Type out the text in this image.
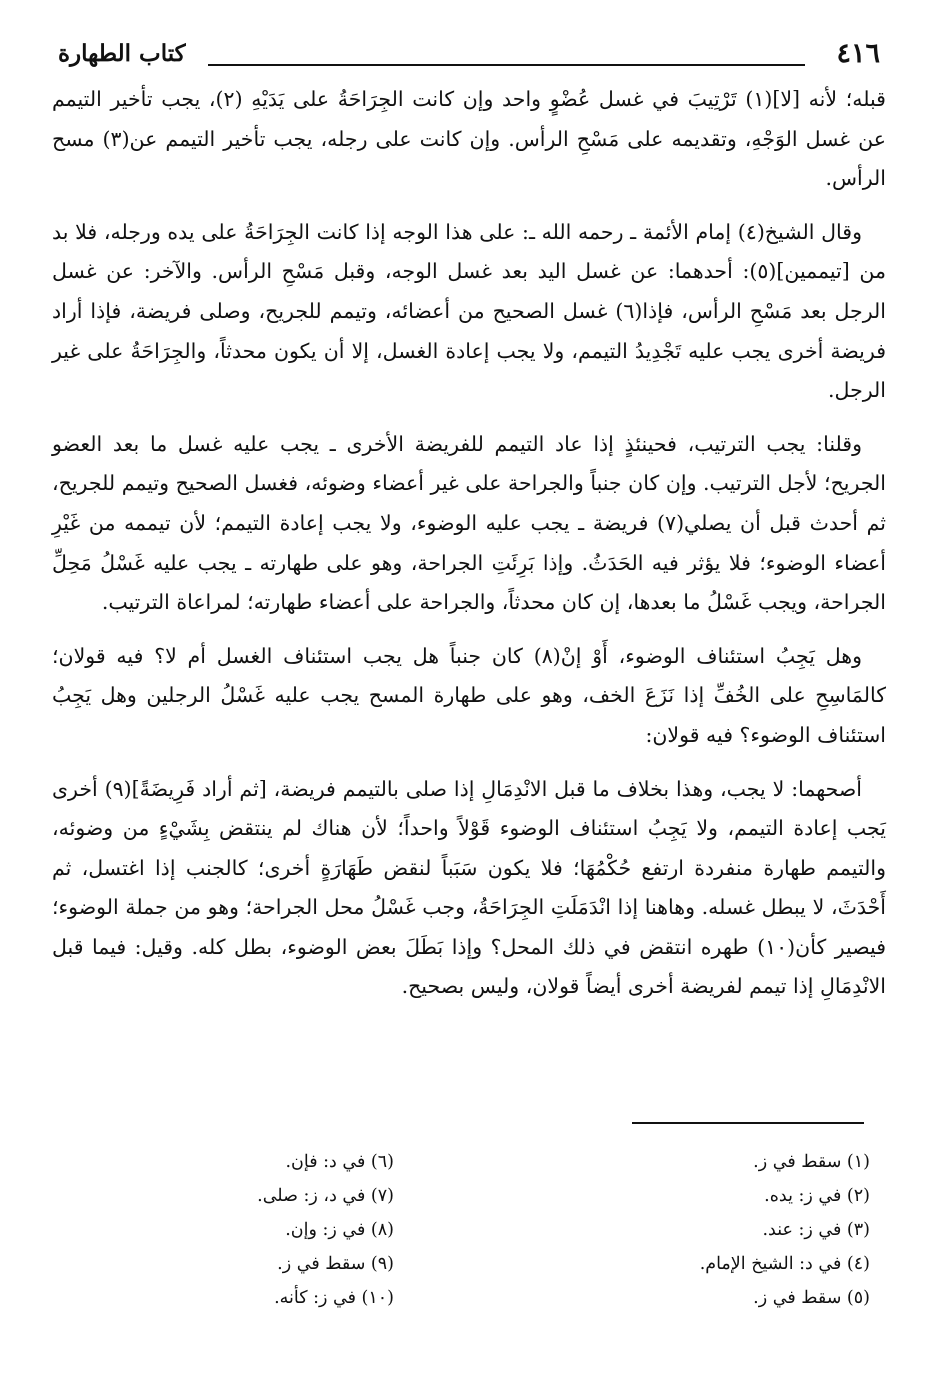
٤١٦
كتاب الطهارة

قبله؛ لأنه [لا](١) تَرْتِيبَ في غسل عُضْوٍ واحد وإن كانت الجِرَاحَةُ على يَدَيْهِ (٢)، يجب تأخير التيمم عن غسل الوَجْهِ، وتقديمه على مَسْحِ الرأس. وإن كانت على رجله، يجب تأخير التيمم عن(٣) مسح الرأس.

وقال الشيخ(٤) إمام الأئمة ـ رحمه الله ـ: على هذا الوجه إذا كانت الجِرَاحَةُ على يده ورجله، فلا بد من [تيممين](٥): أحدهما: عن غسل اليد بعد غسل الوجه، وقبل مَسْحِ الرأس. والآخر: عن غسل الرجل بعد مَسْحِ الرأس، فإذا(٦) غسل الصحيح من أعضائه، وتيمم للجريح، وصلى فريضة، فإذا أراد فريضة أخرى يجب عليه تَجْدِيدُ التيمم، ولا يجب إعادة الغسل، إلا أن يكون محدثاً، والجِرَاحَةُ على غير الرجل.

وقلنا: يجب الترتيب، فحينئذٍ إذا عاد التيمم للفريضة الأخرى ـ يجب عليه غسل ما بعد العضو الجريح؛ لأجل الترتيب. وإن كان جنباً والجراحة على غير أعضاء وضوئه، فغسل الصحيح وتيمم للجريح، ثم أحدث قبل أن يصلي(٧) فريضة ـ يجب عليه الوضوء، ولا يجب إعادة التيمم؛ لأن تيممه من غَيْرِ أعضاء الوضوء؛ فلا يؤثر فيه الحَدَثُ. وإذا بَرِئَتِ الجراحة، وهو على طهارته ـ يجب عليه غَسْلُ مَحِلِّ الجراحة، ويجب غَسْلُ ما بعدها، إن كان محدثاً، والجراحة على أعضاء طهارته؛ لمراعاة الترتيب.

وهل يَجِبُ استئناف الوضوء، أَوْ إنْ(٨) كان جنباً هل يجب استئناف الغسل أم لا؟ فيه قولان؛ كالمَاسِحِ على الخُفِّ إذا نَزَعَ الخف، وهو على طهارة المسح يجب عليه غَسْلُ الرجلين وهل يَجِبُ استئناف الوضوء؟ فيه قولان:

أصحهما: لا يجب، وهذا بخلاف ما قبل الانْدِمَالِ إذا صلى بالتيمم فريضة، [ثم أراد فَرِيضَةً](٩) أخرى يَجب إعادة التيمم، ولا يَجِبُ استئناف الوضوء قَوْلاً واحداً؛ لأن هناك لم ينتقض بِشَيْءٍ من وضوئه، والتيمم طهارة منفردة ارتفع حُكْمُهَا؛ فلا يكون سَبَباً لنقض طَهَارَةٍ أخرى؛ كالجنب إذا اغتسل، ثم أَحْدَثَ، لا يبطل غسله. وهاهنا إذا انْدَمَلَتِ الجِرَاحَةُ، وجب غَسْلُ محل الجراحة؛ وهو من جملة الوضوء؛ فيصير كأن(١٠) طهره انتقض في ذلك المحل؟ وإذا بَطَلَ بعض الوضوء، بطل كله. وقيل: فيما قبل الانْدِمَالِ إذا تيمم لفريضة أخرى أيضاً قولان، وليس بصحيح.

(١) سقط في ز.
(٢) في ز: يده.
(٣) في ز: عند.
(٤) في د: الشيخ الإمام.
(٥) سقط في ز.
(٦) في د: فإن.
(٧) في د، ز: صلى.
(٨) في ز: وإن.
(٩) سقط في ز.
(١٠) في ز: كأنه.
